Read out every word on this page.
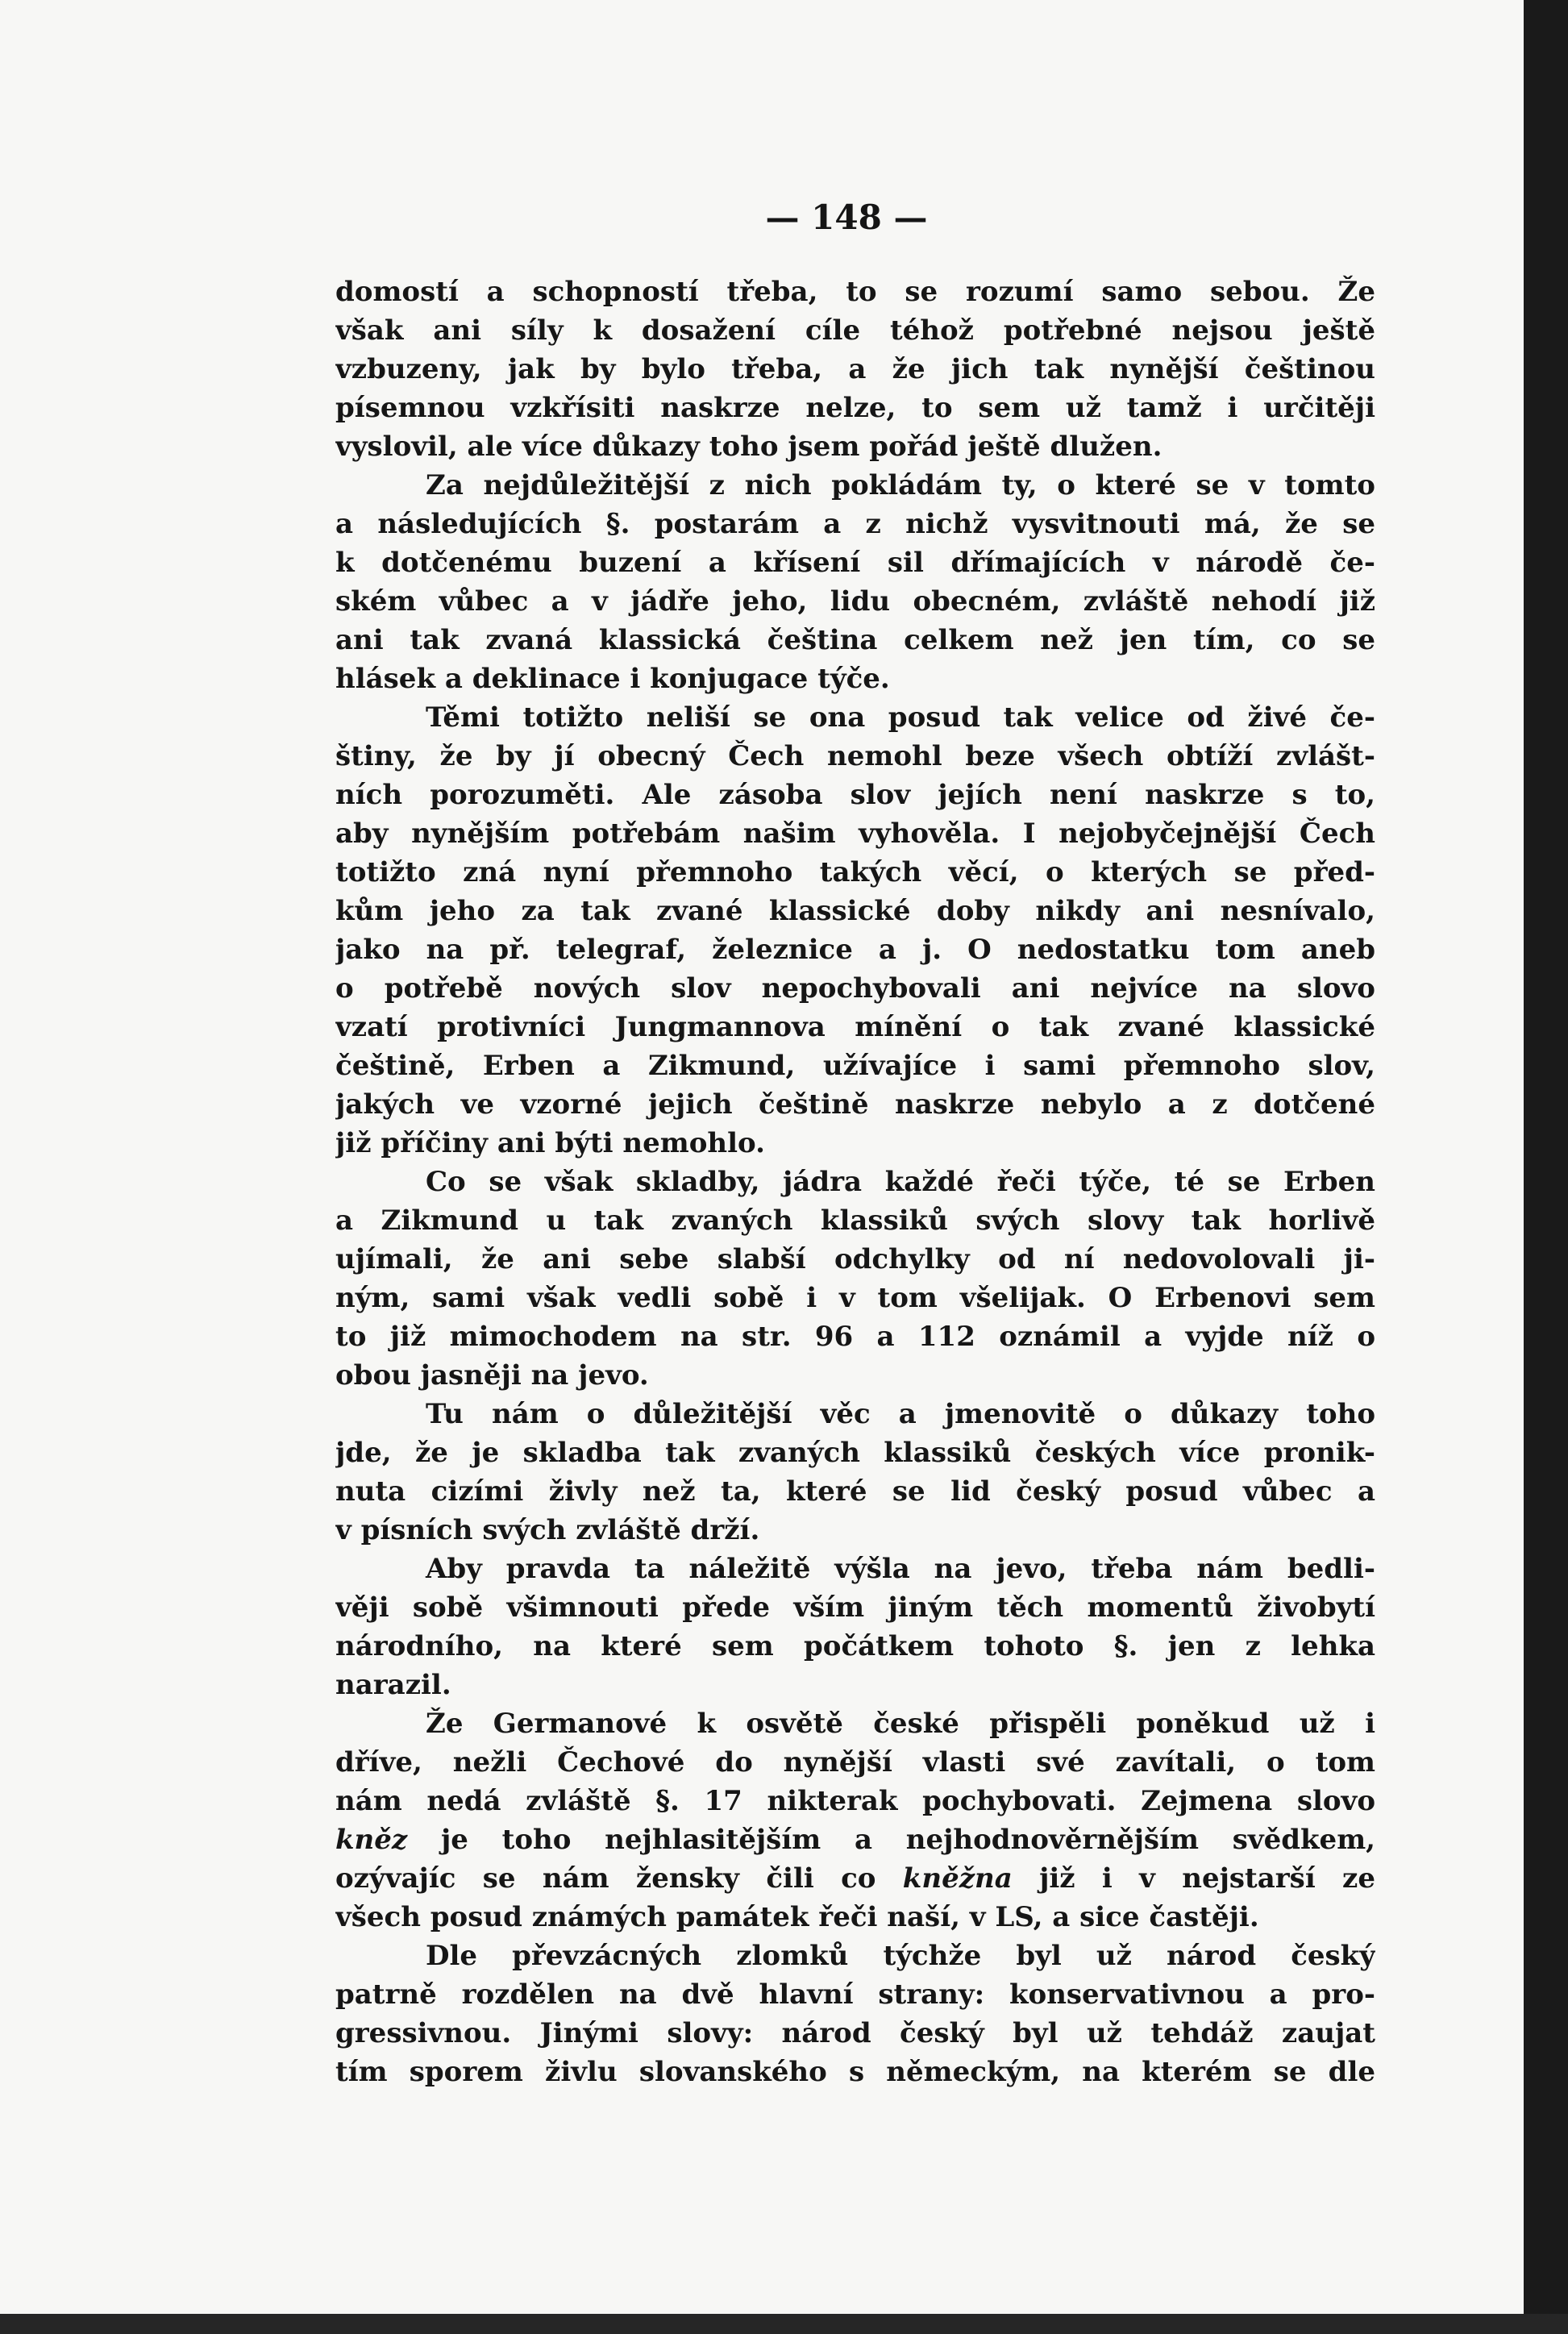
— 148 —
domostí a schopností třeba, to se rozumí samo sebou. Že
však ani síly k dosažení cíle téhož potřebné nejsou ještě
vzbuzeny, jak by bylo třeba, a že jich tak nynější češtinou
písemnou vzkřísiti naskrze nelze, to sem už tamž i určitěji
vyslovil, ale více důkazy toho jsem pořád ještě dlužen.
Za nejdůležitější z nich pokládám ty, o které se v tomto
a následujících §. postarám a z nichž vysvitnouti má, že se
k dotčenému buzení a křísení sil dřímajících v národě če-
ském vůbec a v jádře jeho, lidu obecném, zvláště nehodí již
ani tak zvaná klassická čeština celkem než jen tím, co se
hlásek a deklinace i konjugace týče.
Těmi totižto neliší se ona posud tak velice od živé če-
štiny, že by jí obecný Čech nemohl beze všech obtíží zvlášt-
ních porozuměti. Ale zásoba slov jejích není naskrze s to,
aby nynějším potřebám našim vyhověla. I nejobyčejnější Čech
totižto zná nyní přemnoho takých věcí, o kterých se před-
kům jeho za tak zvané klassické doby nikdy ani nesnívalo,
jako na př. telegraf, železnice a j. O nedostatku tom aneb
o potřebě nových slov nepochybovali ani nejvíce na slovo
vzatí protivníci Jungmannova mínění o tak zvané klassické
češtině, Erben a Zikmund, užívajíce i sami přemnoho slov,
jakých ve vzorné jejich češtině naskrze nebylo a z dotčené
již příčiny ani býti nemohlo.
Co se však skladby, jádra každé řeči týče, té se Erben
a Zikmund u tak zvaných klassiků svých slovy tak horlivě
ujímali, že ani sebe slabší odchylky od ní nedovolovali ji-
ným, sami však vedli sobě i v tom všelijak. O Erbenovi sem
to již mimochodem na str. 96 a 112 oznámil a vyjde níž o
obou jasněji na jevo.
Tu nám o důležitější věc a jmenovitě o důkazy toho
jde, že je skladba tak zvaných klassiků českých více pronik-
nuta cizími živly než ta, které se lid český posud vůbec a
v písních svých zvláště drží.
Aby pravda ta náležitě výšla na jevo, třeba nám bedli-
věji sobě všimnouti přede vším jiným těch momentů živobytí
národního, na které sem počátkem tohoto §. jen z lehka
narazil.
Že Germanové k osvětě české přispěli poněkud už i
dříve, nežli Čechové do nynější vlasti své zavítali, o tom
nám nedá zvláště §. 17 nikterak pochybovati. Zejmena slovo
kněz je toho nejhlasitějším a nejhodnověrnějším svědkem,
ozývajíc se nám žensky čili co kněžna již i v nejstarší ze
všech posud známých památek řeči naší, v LS, a sice častěji.
Dle převzácných zlomků týchže byl už národ český
patrně rozdělen na dvě hlavní strany: konservativnou a pro-
gressivnou. Jinými slovy: národ český byl už tehdáž zaujat
tím sporem živlu slovanského s německým, na kterém se dle
